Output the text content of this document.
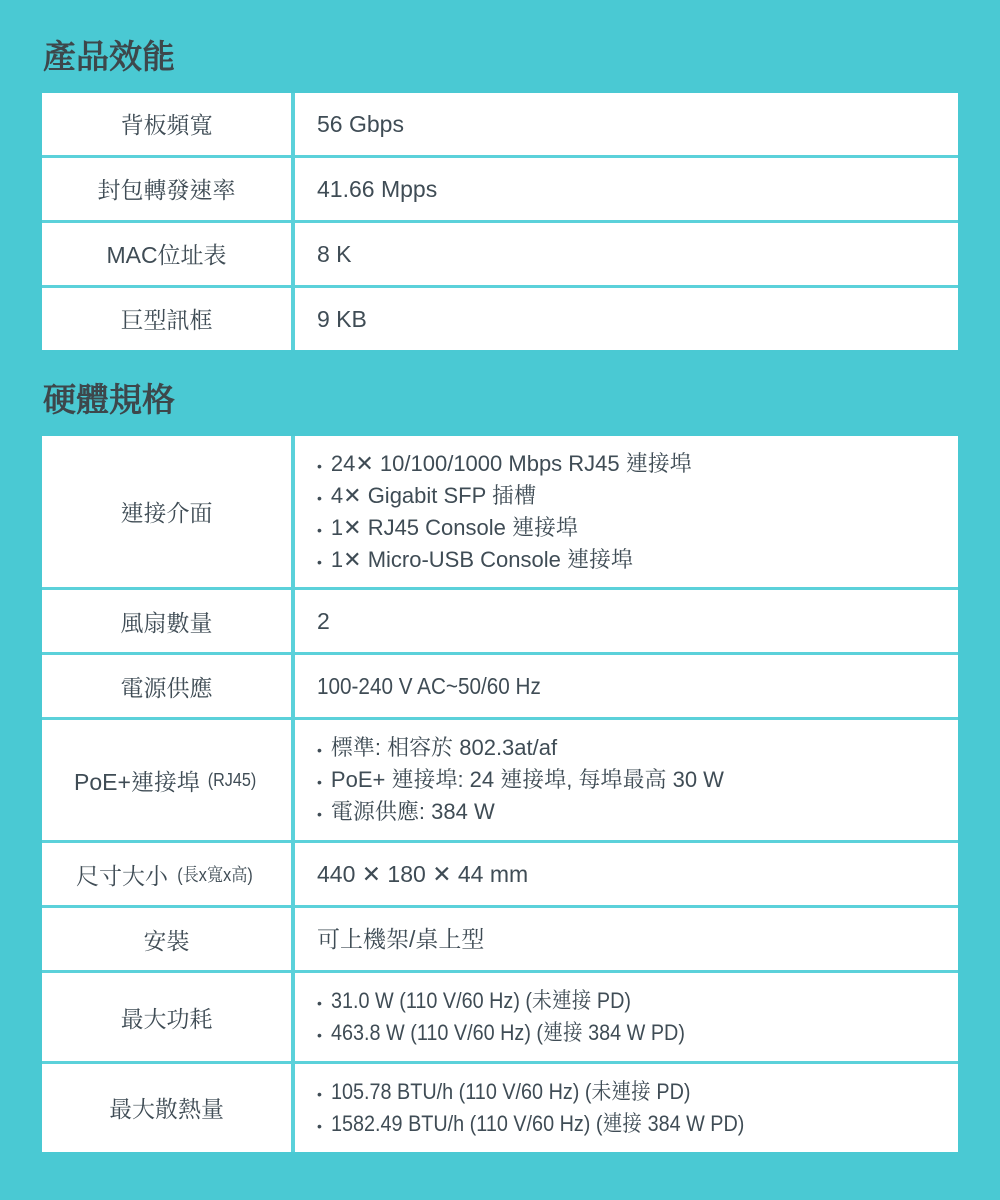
產品效能
背板頻寬	56 Gbps
封包轉發速率	41.66 Mpps
MAC位址表	8 K
巨型訊框	9 KB
硬體規格
連接介面
• 24✕ 10/100/1000 Mbps RJ45 連接埠
• 4✕ Gigabit SFP 插槽
• 1✕ RJ45 Console 連接埠
• 1✕ Micro-USB Console 連接埠
風扇數量	2
電源供應	100-240 V AC~50/60 Hz
PoE+連接埠 (RJ45)
• 標準: 相容於 802.3at/af
• PoE+ 連接埠: 24 連接埠, 每埠最高 30 W
• 電源供應: 384 W
尺寸大小 (長x寬x高)	440 ✕ 180 ✕ 44 mm
安裝	可上機架/桌上型
最大功耗
• 31.0 W (110 V/60 Hz) (未連接 PD)
• 463.8 W (110 V/60 Hz) (連接 384 W PD)
最大散熱量
• 105.78 BTU/h (110 V/60 Hz) (未連接 PD)
• 1582.49 BTU/h (110 V/60 Hz) (連接 384 W PD)
